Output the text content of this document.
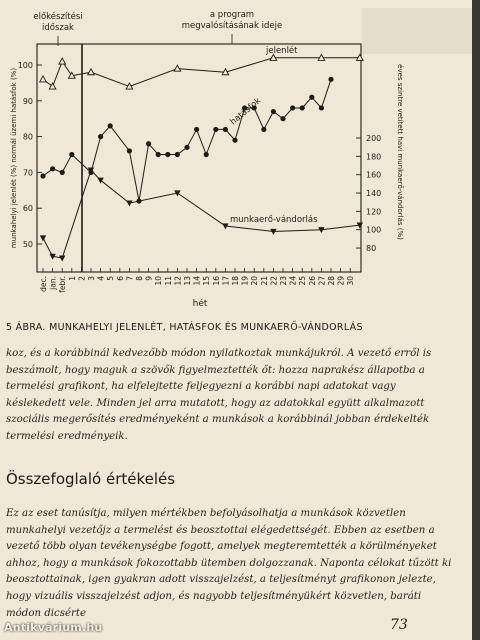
előkészítési időszak
a program megvalósításának ideje
munkahelyi jelenlét (%) normál üzemi hatásfok (%)	éves szintre vetített havi munkaerő-vándorlás (%)
hét
100
90
80
70
60
50
200
180
160
140
120
100
80
dec. jan. febr. 1 2 3 4 5 6 7 8 9 10 11 12 13 14 15 16 17 18 19 20 21 22 23 24 25 26 27 28 29 30
jelenlét
hatásfok
munkaerő-vándorlás
5 ÁBRA. MUNKAHELYI JELENLÉT, HATÁSFOK ÉS MUNKAERŐ-VÁNDORLÁS

koz, és a korábbinál kedvezőbb módon nyilatkoztak munkájukról. A vezető erről is beszámolt, hogy maguk a szövők figyelmeztették őt: hozza naprakész állapotba a termelési grafikont, ha elfelejtette feljegyezni a korábbi napi adatokat vagy késlekedett vele. Minden jel arra mutatott, hogy az adatokkal együtt alkalmazott szociális megerősítés eredményeként a munkások a korábbinál jobban érdekelték termelési eredményeik.

Összefoglaló értékelés

Ez az eset tanúsítja, milyen mértékben befolyásolhatja a munkások közvetlen munkahelyi vezetőjz a termelést és beosztottai elégedettségét. Ebben az esetben a vezető több olyan tevékenységbe fogott, amelyek megteremtették a körülményeket ahhoz, hogy a munkások fokozottabb ütemben dolgozzanak. Naponta célokat tűzött ki beosztottainak, igen gyakran adott visszajelzést, a teljesítményt grafikonon jelezte, hogy vizuális visszajelzést adjon, és nagyobb teljesítményükért közvetlen, baráti módon dicsérte

73
Antikvárium.hu
